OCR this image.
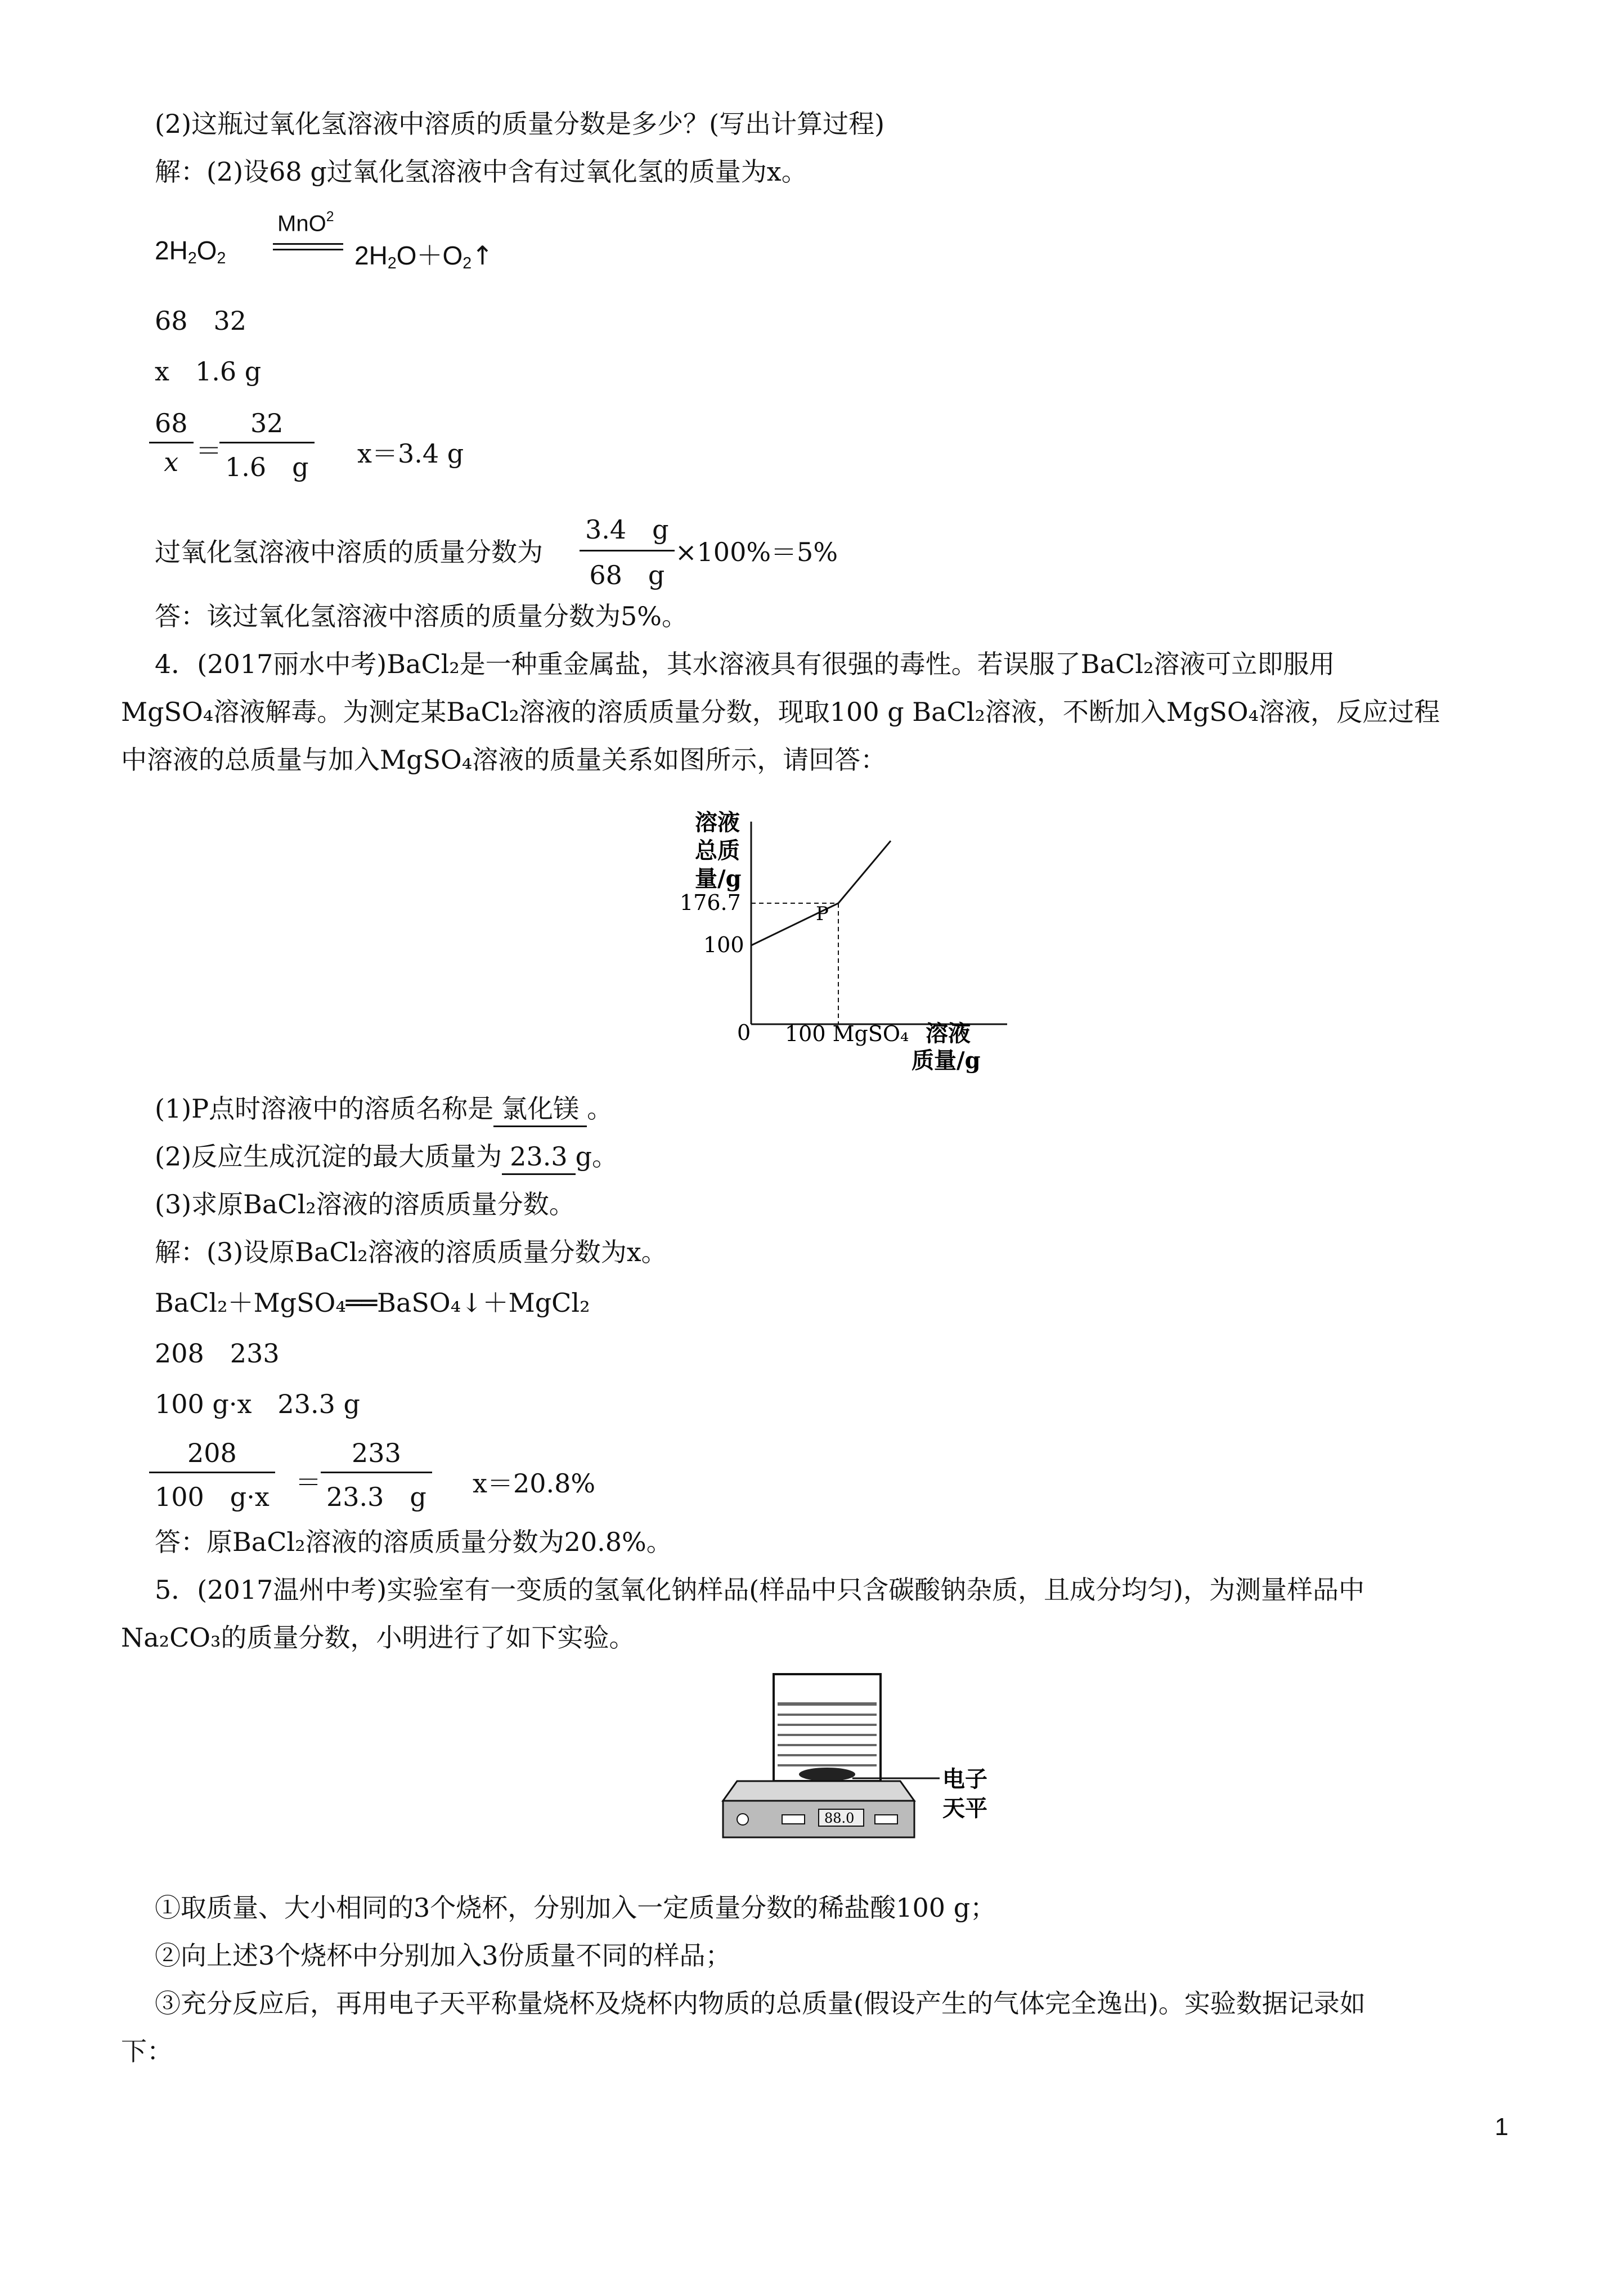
(2)这瓶过氧化氢溶液中溶质的质量分数是多少？(写出计算过程)
解：(2)设68 g过氧化氢溶液中含有过氧化氢的质量为x。
$2H_2O_2$
MnO$^2$
$2H_2O+O_2↑$
68　32
x　1.6 g
$\frac{68}{x}$ ＝
$\frac{32}{1.6 g} x=3.4$ g
过氧化氢溶液中溶质的质量分数为 $\frac{3.4 g}{68 g} \times 100\%=5\%$
答：该过氧化氢溶液中溶质的质量分数为5%。
4．(2017丽水中考)BaCl₂是一种重金属盐，其水溶液具有很强的毒性。若误服了BaCl₂溶液可立即服用
MgSO₄溶液解毒。为测定某BaCl₂溶液的溶质质量分数，现取100 g BaCl₂溶液，不断加入MgSO₄溶液，反应过程
中溶液的总质量与加入MgSO₄溶液的质量关系如图所示，请回答：
溶液
总质
量/g
176.7
100
P
0 100 MgSO₄ 溶液
质量/g
(1)P点时溶液中的溶质名称是 氯化镁 。
(2)反应生成沉淀的最大质量为 23.3 g。
(3)求原BaCl₂溶液的溶质质量分数。
解：(3)设原BaCl₂溶液的溶质质量分数为x。
BaCl₂＋MgSO₄══BaSO₄↓＋MgCl₂
208　233
100 g·x　23.3 g
$\frac{208}{100 g\cdot x} = \frac{233}{23.3 g} x=20.8\%$
答：原BaCl₂溶液的溶质质量分数为20.8%。
5．(2017温州中考)实验室有一变质的氢氧化钠样品(样品中只含碳酸钠杂质，且成分均匀)，为测量样品中
Na₂CO₃的质量分数，小明进行了如下实验。
88.0
电子
天平
①取质量、大小相同的3个烧杯，分别加入一定质量分数的稀盐酸100 g；
②向上述3个烧杯中分别加入3份质量不同的样品；
③充分反应后，再用电子天平称量烧杯及烧杯内物质的总质量(假设产生的气体完全逸出)。实验数据记录如
下：
1
